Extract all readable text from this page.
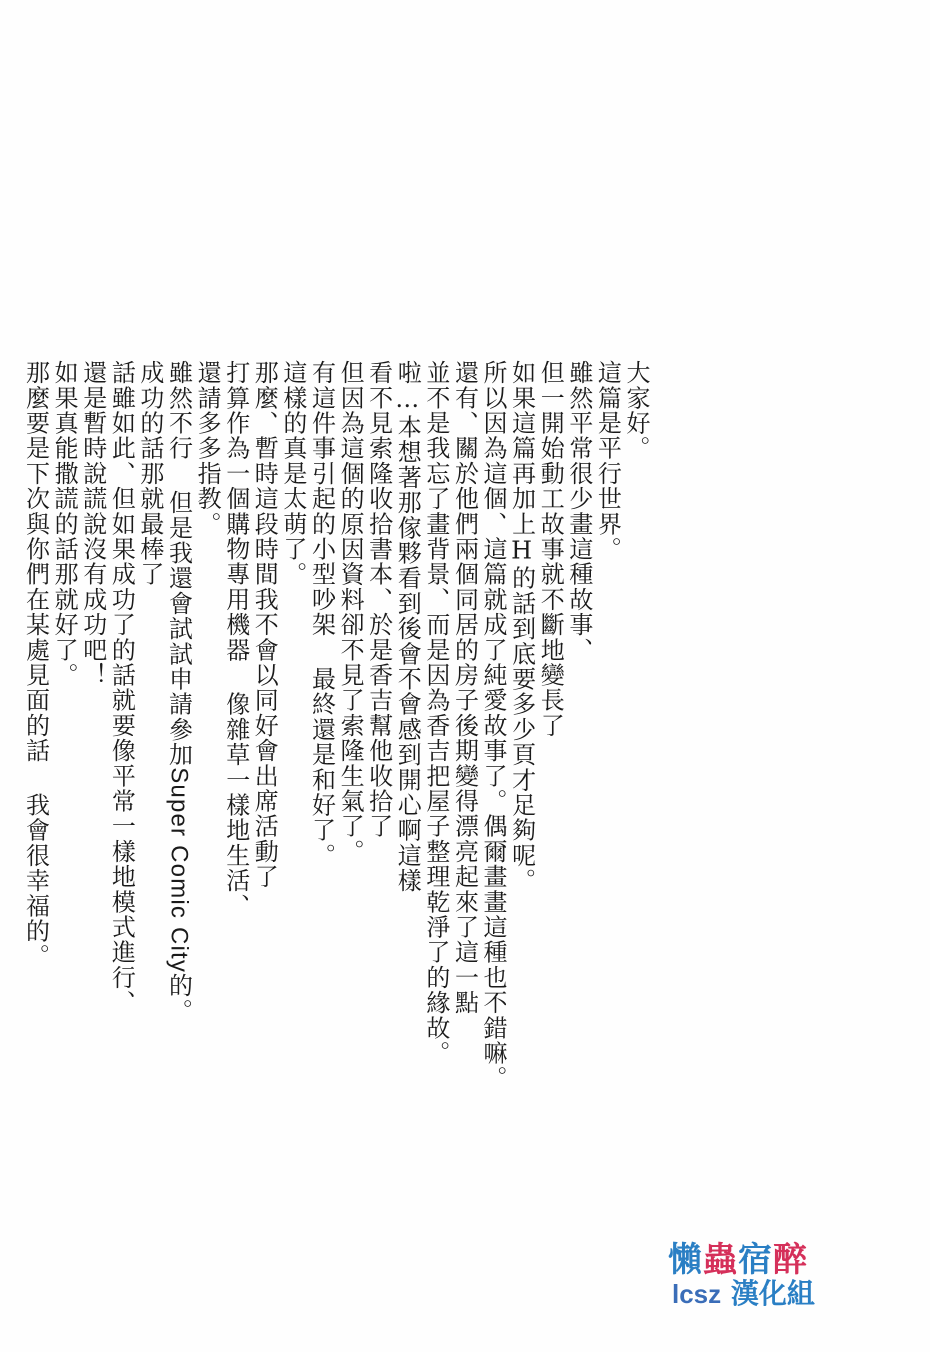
大家好。
這篇是平行世界。
雖然平常很少畫這種故事、
但一開始動工故事就不斷地變長了
如果這篇再加上H的話到底要多少頁才足夠呢。
所以因為這個、這篇就成了純愛故事了。偶爾畫畫這種也不錯嘛。
還有、關於他們兩個同居的房子後期變得漂亮起來了這一點
並不是我忘了畫背景、而是因為香吉把屋子整理乾淨了的緣故。
啦…本想著那傢夥看到後會不會感到開心啊這樣
看不見索隆收拾書本、於是香吉幫他收拾了
但因為這個的原因資料卻不見了索隆生氣了。
有這件事引起的小型吵架 最終還是和好了。
這樣的真是太萌了。
那麼、暫時這段時間我不會以同好會出席活動了
打算作為一個購物專用機器 像雜草一樣地生活、
還請多多指教。
雖然不行 但是我還會試試申請參加Super Comic City的。
成功的話那就最棒了
話雖如此、但如果成功了的話就要像平常一樣地模式進行、
還是暫時說謊說沒有成功吧！
如果真能撒謊的話那就好了。
那麼要是下次與你們在某處見面的話 我會很幸福的。
懶蟲宿醉
lcsz 漢化組
